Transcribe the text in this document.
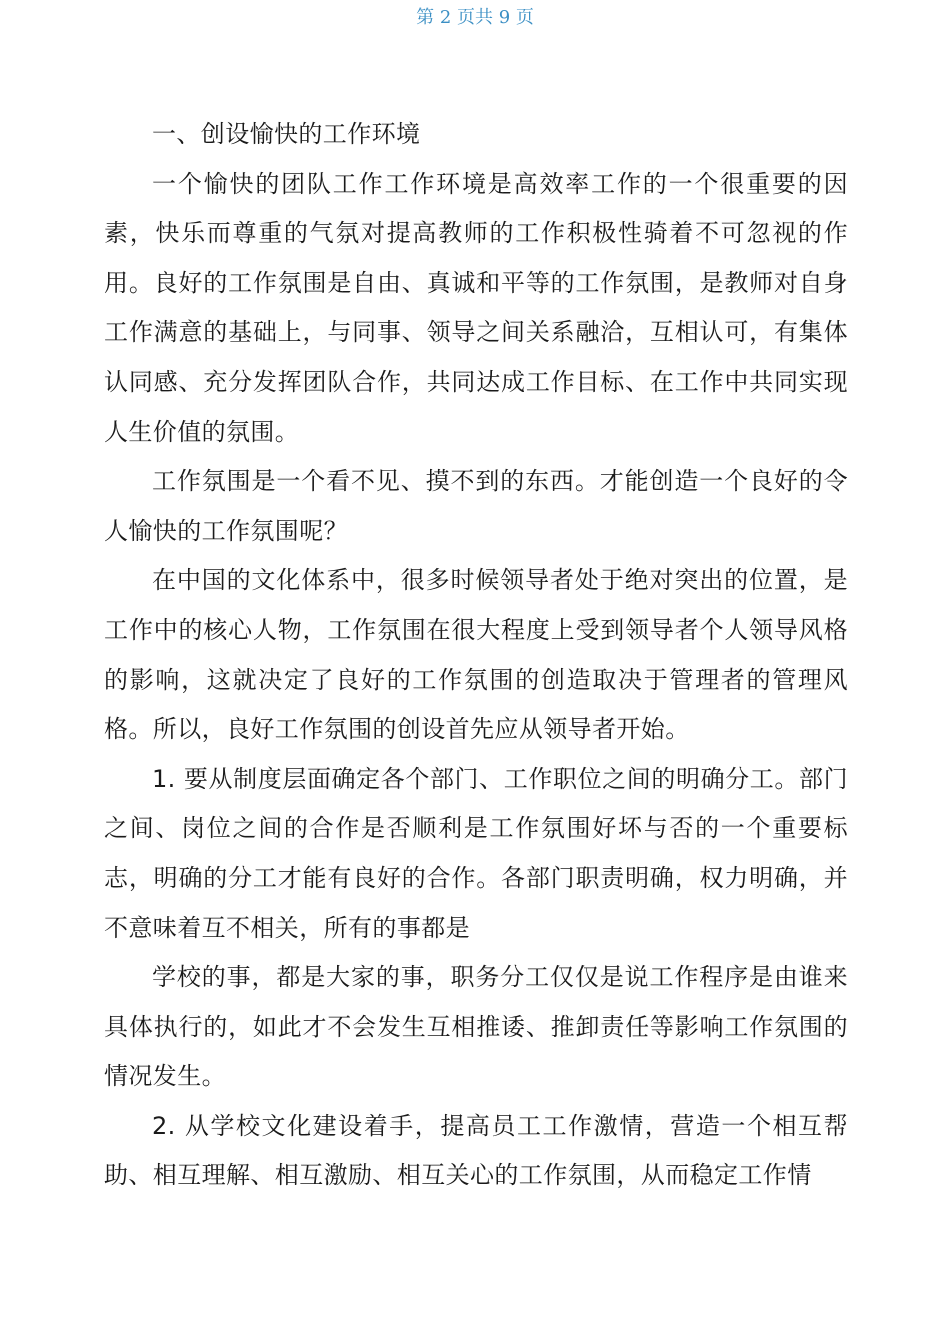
第 2 页共 9 页

一、创设愉快的工作环境

一个愉快的团队工作工作环境是高效率工作的一个很重要的因素，快乐而尊重的气氛对提高教师的工作积极性骑着不可忽视的作用。良好的工作氛围是自由、真诚和平等的工作氛围，是教师对自身工作满意的基础上，与同事、领导之间关系融洽，互相认可，有集体认同感、充分发挥团队合作，共同达成工作目标、在工作中共同实现人生价值的氛围。

工作氛围是一个看不见、摸不到的东西。才能创造一个良好的令人愉快的工作氛围呢？

在中国的文化体系中，很多时候领导者处于绝对突出的位置，是工作中的核心人物，工作氛围在很大程度上受到领导者个人领导风格的影响，这就决定了良好的工作氛围的创造取决于管理者的管理风格。所以，良好工作氛围的创设首先应从领导者开始。

1. 要从制度层面确定各个部门、工作职位之间的明确分工。部门之间、岗位之间的合作是否顺利是工作氛围好坏与否的一个重要标志，明确的分工才能有良好的合作。各部门职责明确，权力明确，并不意味着互不相关，所有的事都是

学校的事，都是大家的事，职务分工仅仅是说工作程序是由谁来具体执行的，如此才不会发生互相推诿、推卸责任等影响工作氛围的情况发生。

2. 从学校文化建设着手，提高员工工作激情，营造一个相互帮助、相互理解、相互激励、相互关心的工作氛围，从而稳定工作情
